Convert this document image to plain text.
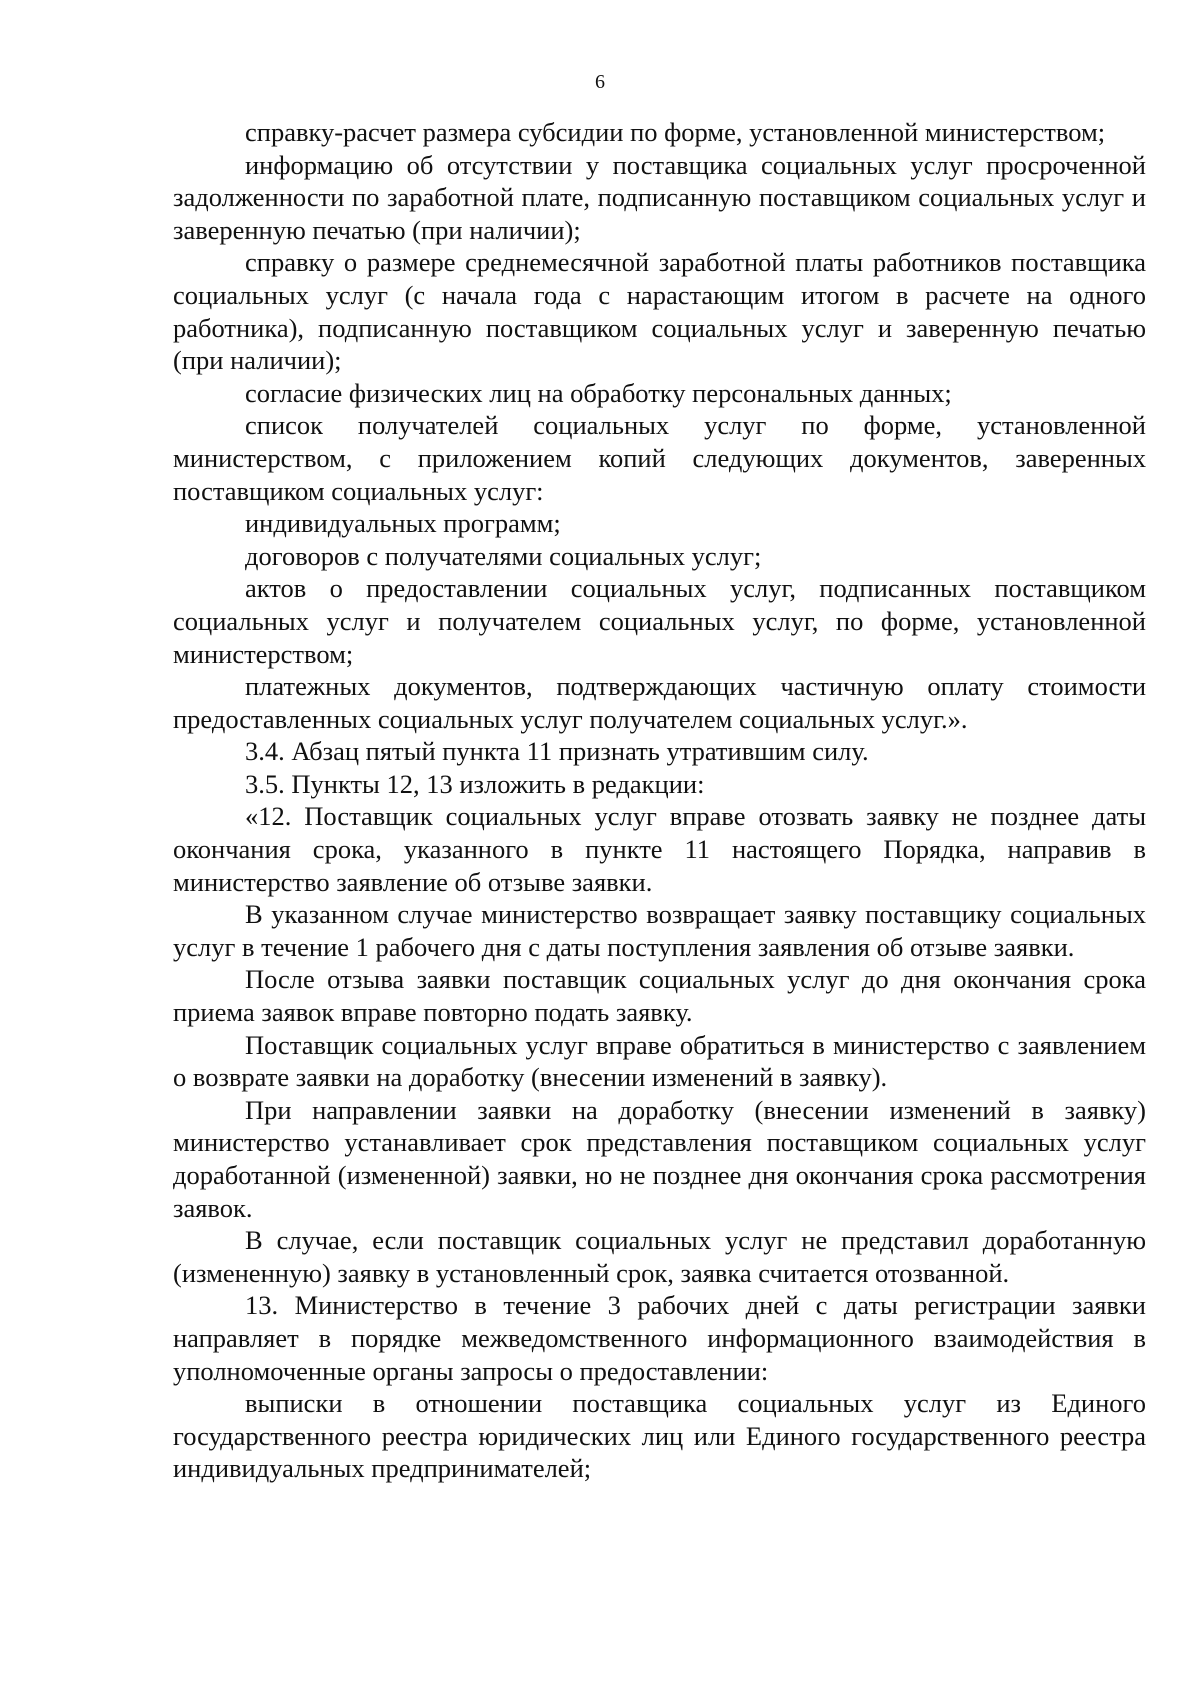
6

справку-расчет размера субсидии по форме, установленной министерством;

информацию об отсутствии у поставщика социальных услуг просроченной задолженности по заработной плате, подписанную поставщиком социальных услуг и заверенную печатью (при наличии);

справку о размере среднемесячной заработной платы работников поставщика социальных услуг (с начала года с нарастающим итогом в расчете на одного работника), подписанную поставщиком социальных услуг и заверенную печатью (при наличии);

согласие физических лиц на обработку персональных данных;

список получателей социальных услуг по форме, установленной министерством, с приложением копий следующих документов, заверенных поставщиком социальных услуг:

индивидуальных программ;

договоров с получателями социальных услуг;

актов о предоставлении социальных услуг, подписанных поставщиком социальных услуг и получателем социальных услуг, по форме, установленной министерством;

платежных документов, подтверждающих частичную оплату стоимости предоставленных социальных услуг получателем социальных услуг.».

3.4. Абзац пятый пункта 11 признать утратившим силу.

3.5. Пункты 12, 13 изложить в редакции:

«12. Поставщик социальных услуг вправе отозвать заявку не позднее даты окончания срока, указанного в пункте 11 настоящего Порядка, направив в министерство заявление об отзыве заявки.

В указанном случае министерство возвращает заявку поставщику социальных услуг в течение 1 рабочего дня с даты поступления заявления об отзыве заявки.

После отзыва заявки поставщик социальных услуг до дня окончания срока приема заявок вправе повторно подать заявку.

Поставщик социальных услуг вправе обратиться в министерство с заявлением о возврате заявки на доработку (внесении изменений в заявку).

При направлении заявки на доработку (внесении изменений в заявку) министерство устанавливает срок представления поставщиком социальных услуг доработанной (измененной) заявки, но не позднее дня окончания срока рассмотрения заявок.

В случае, если поставщик социальных услуг не представил доработанную (измененную) заявку в установленный срок, заявка считается отозванной.

13. Министерство в течение 3 рабочих дней с даты регистрации заявки направляет в порядке межведомственного информационного взаимодействия в уполномоченные органы запросы о предоставлении:

выписки в отношении поставщика социальных услуг из Единого государственного реестра юридических лиц или Единого государственного реестра индивидуальных предпринимателей;
